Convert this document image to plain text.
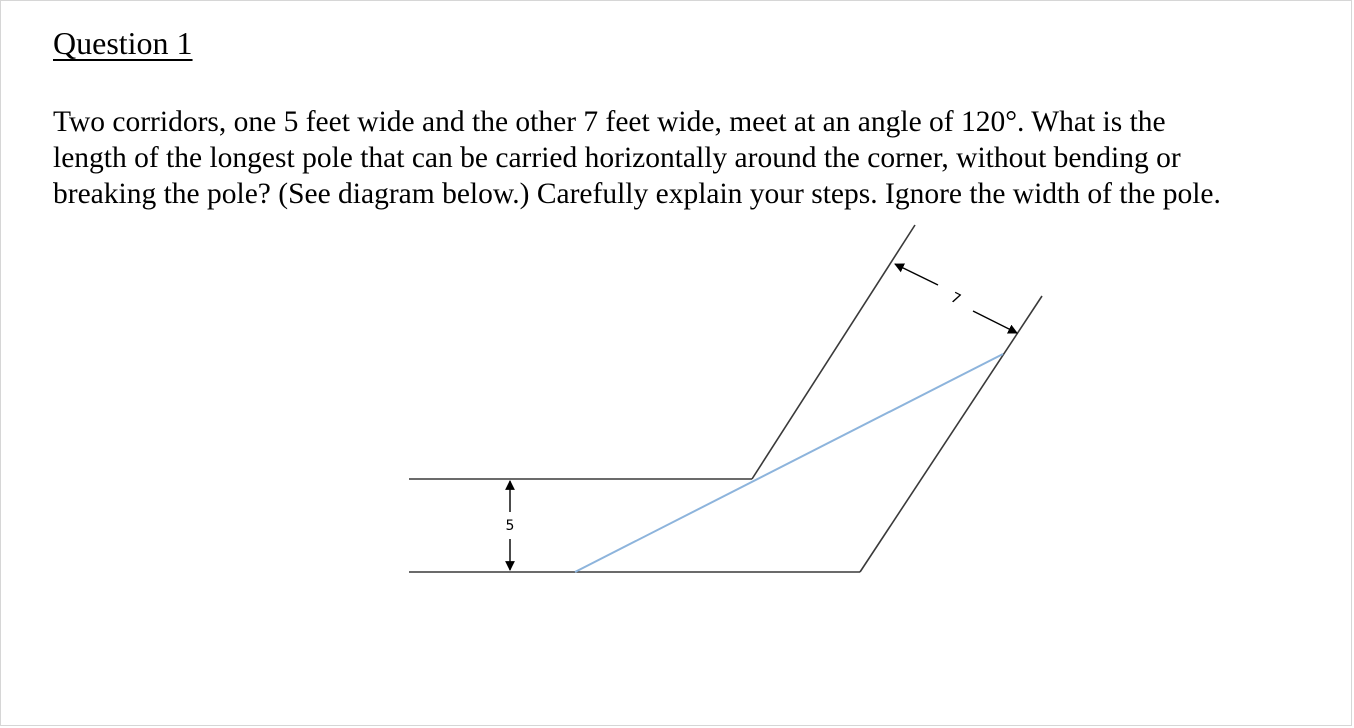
Question 1

Two corridors, one 5 feet wide and the other 7 feet wide, meet at an angle of 120°. What is the
length of the longest pole that can be carried horizontally around the corner, without bending or
breaking the pole? (See diagram below.) Carefully explain your steps. Ignore the width of the pole.

5
7
